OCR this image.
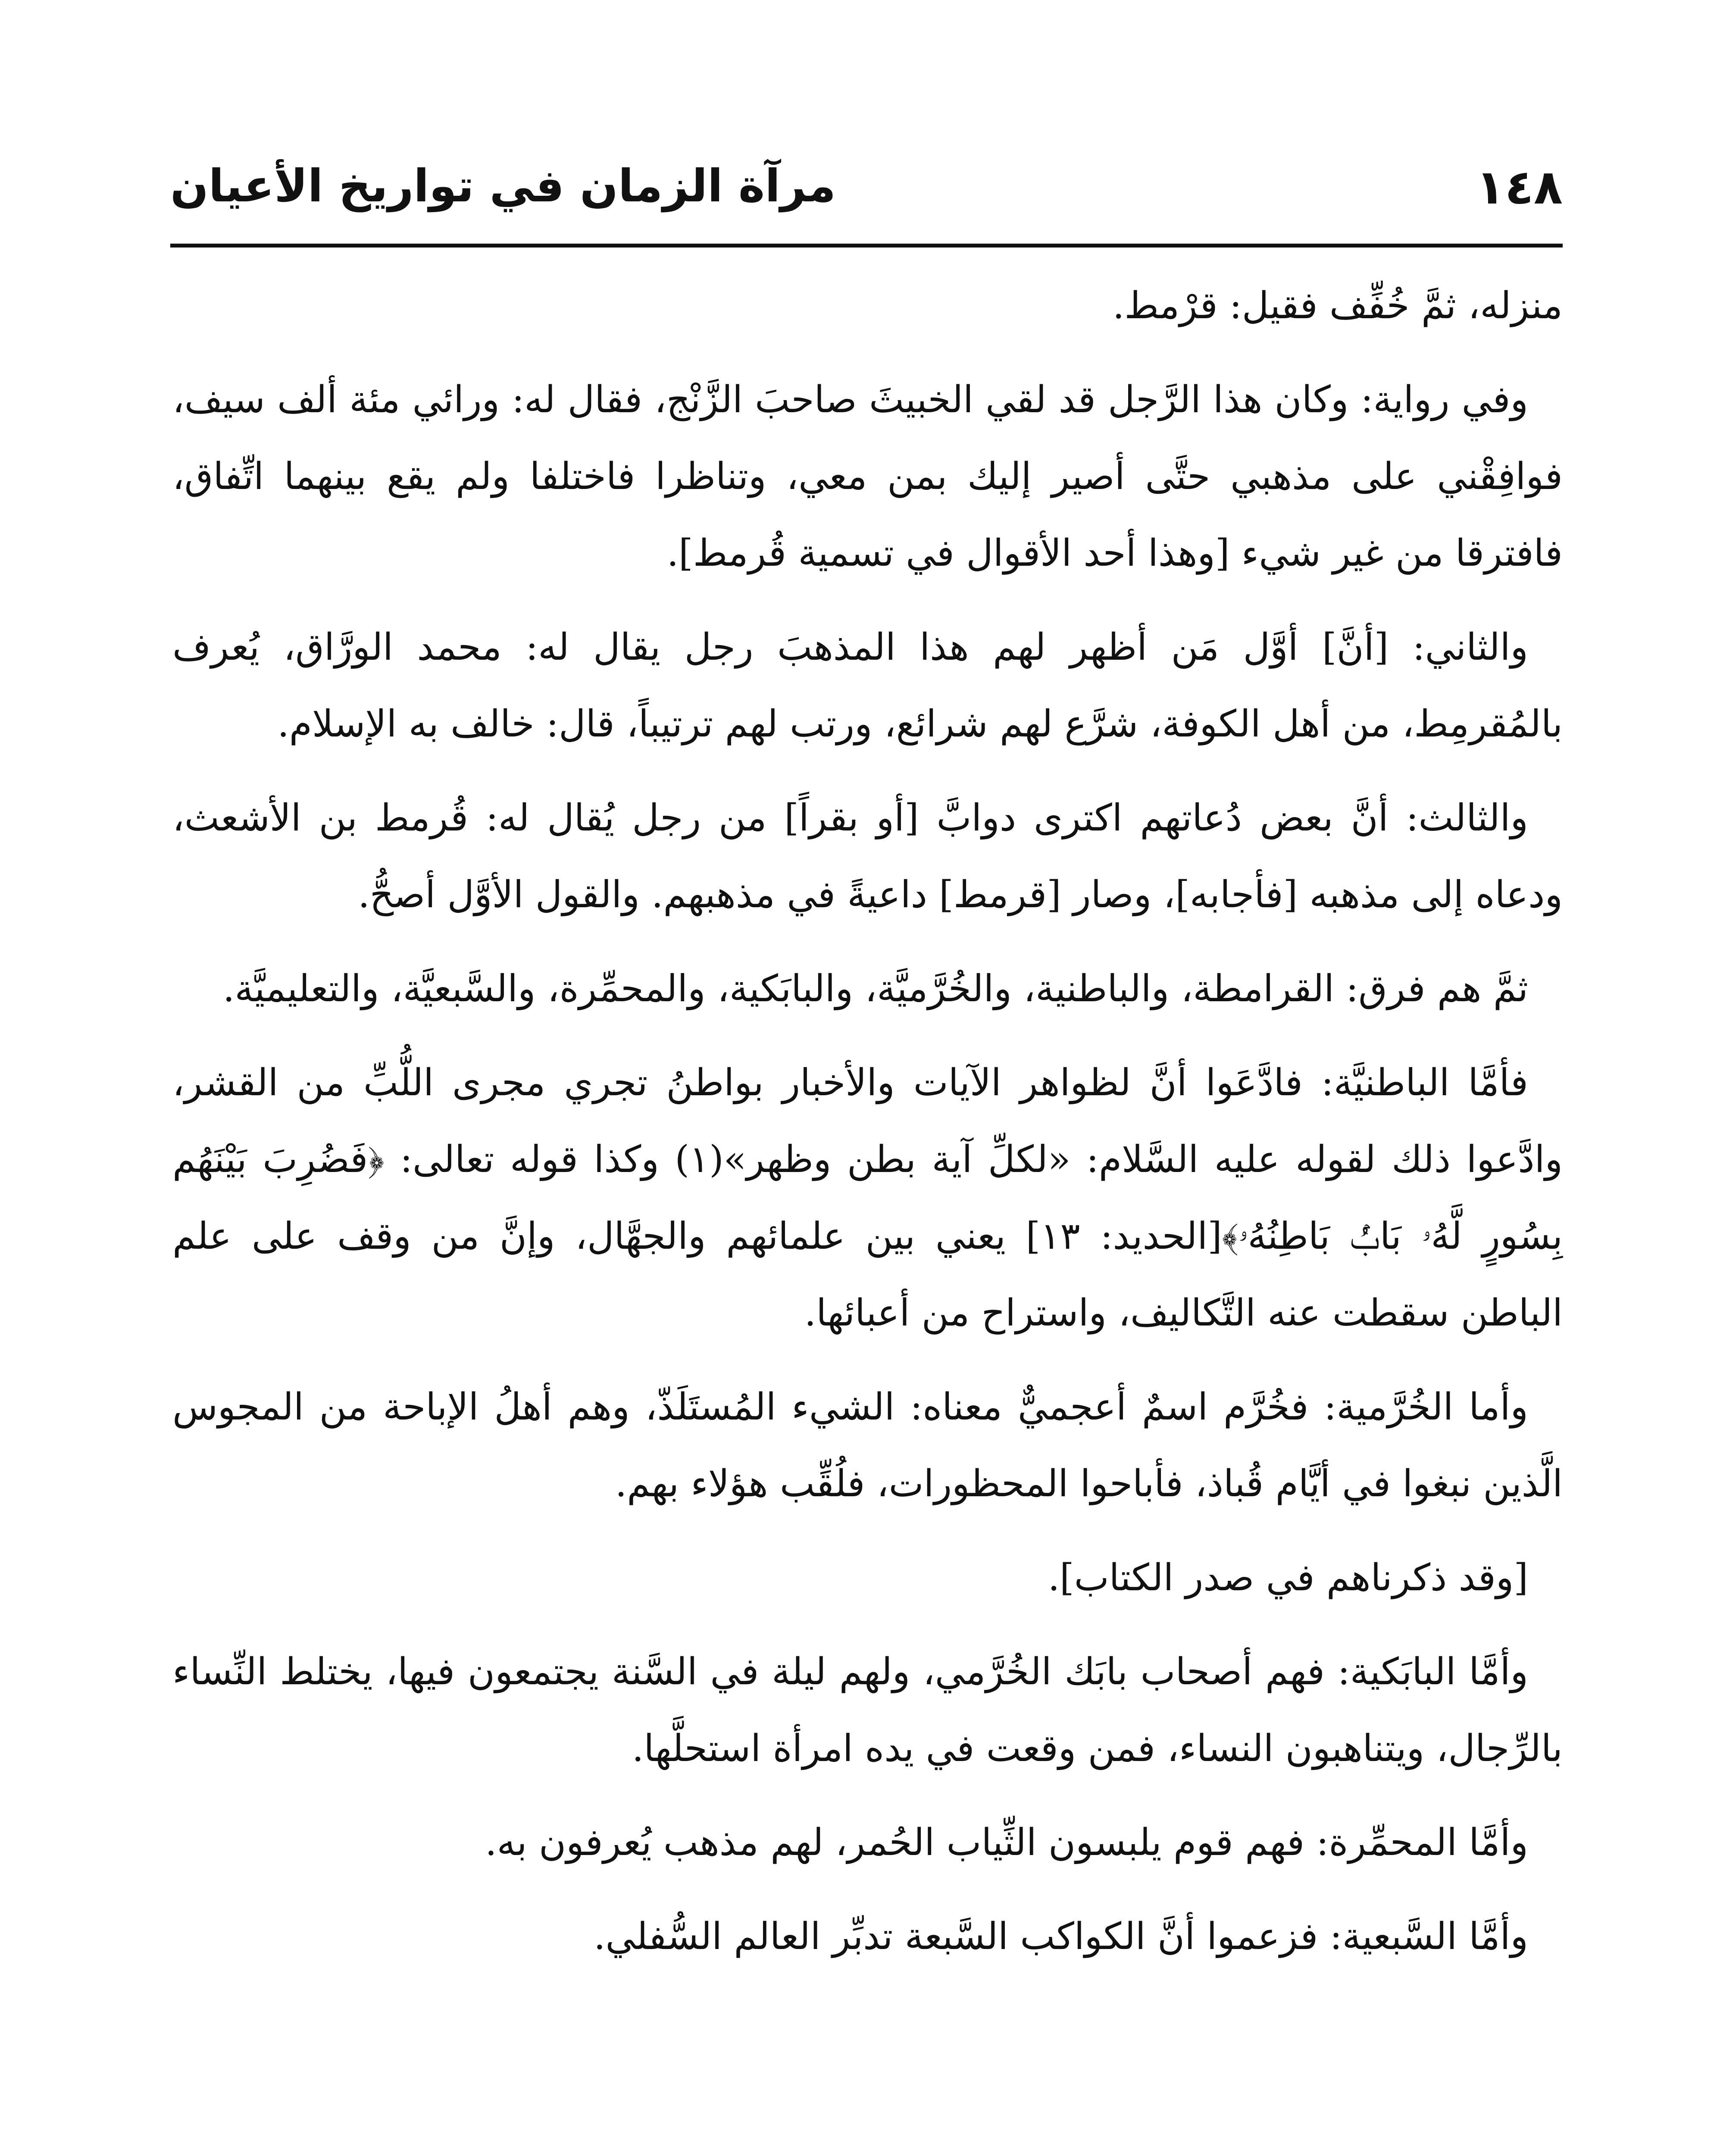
١٤٨
مرآة الزمان في تواريخ الأعيان

منزله، ثمَّ خُفِّف فقيل: قرْمط.

وفي رواية: وكان هذا الرَّجل قد لقي الخبيثَ صاحبَ الزَّنْج، فقال له: ورائي مئة ألف سيف، فوافِقْني على مذهبي حتَّى أصير إليك بمن معي، وتناظرا فاختلفا ولم يقع بينهما اتِّفاق، فافترقا من غير شيء [وهذا أحد الأقوال في تسمية قُرمط].

والثاني: [أنَّ] أوَّل مَن أظهر لهم هذا المذهبَ رجل يقال له: محمد الورَّاق، يُعرف بالمُقرمِط، من أهل الكوفة، شرَّع لهم شرائع، ورتب لهم ترتيباً، قال: خالف به الإسلام.

والثالث: أنَّ بعض دُعاتهم اكترى دوابَّ [أو بقراً] من رجل يُقال له: قُرمط بن الأشعث، ودعاه إلى مذهبه [فأجابه]، وصار [قرمط] داعيةً في مذهبهم. والقول الأوَّل أصحُّ.

ثمَّ هم فرق: القرامطة، والباطنية، والخُرَّميَّة، والبابَكية، والمحمِّرة، والسَّبعيَّة، والتعليميَّة.

فأمَّا الباطنيَّة: فادَّعَوا أنَّ لظواهر الآيات والأخبار بواطنُ تجري مجرى اللُّبِّ من القشر، وادَّعوا ذلك لقوله عليه السَّلام: «لكلِّ آية بطن وظهر»(١) وكذا قوله تعالى: ﴿فَضُرِبَ بَيْنَهُم بِسُورٍ لَّهُۥ بَابُۢ بَاطِنُهُۥ﴾[الحديد: ١٣] يعني بين علمائهم والجهَّال، وإنَّ من وقف على علم الباطن سقطت عنه التَّكاليف، واستراح من أعبائها.

وأما الخُرَّمية: فخُرَّم اسمٌ أعجميٌّ معناه: الشيء المُستَلَذّ، وهم أهلُ الإباحة من المجوس الَّذين نبغوا في أيَّام قُباذ، فأباحوا المحظورات، فلُقِّب هؤلاء بهم.

[وقد ذكرناهم في صدر الكتاب].

وأمَّا البابَكية: فهم أصحاب بابَك الخُرَّمي، ولهم ليلة في السَّنة يجتمعون فيها، يختلط النِّساء بالرِّجال، ويتناهبون النساء، فمن وقعت في يده امرأة استحلَّها.

وأمَّا المحمِّرة: فهم قوم يلبسون الثِّياب الحُمر، لهم مذهب يُعرفون به.

وأمَّا السَّبعية: فزعموا أنَّ الكواكب السَّبعة تدبِّر العالم السُّفلي.
